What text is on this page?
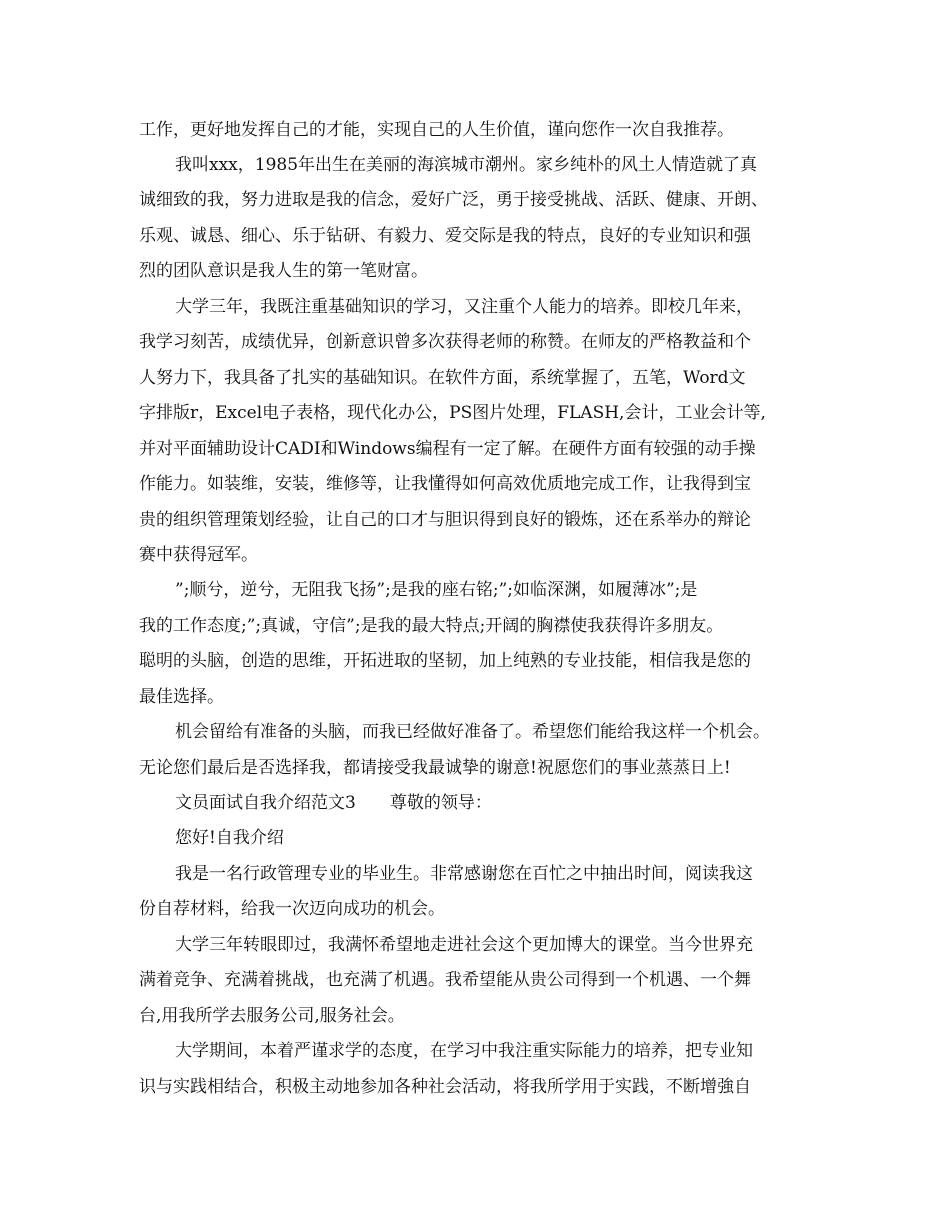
工作，更好地发挥自己的才能，实现自己的人生价值，谨向您作一次自我推荐。
我叫xxx，1985年出生在美丽的海滨城市潮州。家乡纯朴的风土人情造就了真
诚细致的我，努力进取是我的信念，爱好广泛，勇于接受挑战、活跃、健康、开朗、
乐观、诚恳、细心、乐于钻研、有毅力、爱交际是我的特点，良好的专业知识和强
烈的团队意识是我人生的第一笔财富。
大学三年，我既注重基础知识的学习，又注重个人能力的培养。即校几年来，
我学习刻苦，成绩优异，创新意识曾多次获得老师的称赞。在师友的严格教益和个
人努力下，我具备了扎实的基础知识。在软件方面，系统掌握了，五笔，Word文
字排版r，Excel电子表格，现代化办公，PS图片处理，FLASH,会计，工业会计等,
并对平面辅助设计CADI和Windows编程有一定了解。在硬件方面有较强的动手操
作能力。如装维，安装，维修等，让我懂得如何高效优质地完成工作，让我得到宝
贵的组织管理策划经验，让自己的口才与胆识得到良好的锻炼，还在系举办的辩论
赛中获得冠军。
”;顺兮，逆兮，无阻我飞扬”;是我的座右铭;”;如临深渊，如履薄冰”;是
我的工作态度;”;真诚，守信”;是我的最大特点;开阔的胸襟使我获得许多朋友。
聪明的头脑，创造的思维，开拓进取的坚韧，加上纯熟的专业技能，相信我是您的
最佳选择。
机会留给有准备的头脑，而我已经做好准备了。希望您们能给我这样一个机会。
无论您们最后是否选择我，都请接受我最诚挚的谢意!祝愿您们的事业蒸蒸日上!
文员面试自我介绍范文3　　尊敬的领导：
您好!自我介绍
我是一名行政管理专业的毕业生。非常感谢您在百忙之中抽出时间，阅读我这
份自荐材料，给我一次迈向成功的机会。
大学三年转眼即过，我满怀希望地走进社会这个更加博大的课堂。当今世界充
满着竞争、充满着挑战，也充满了机遇。我希望能从贵公司得到一个机遇、一个舞
台,用我所学去服务公司,服务社会。
大学期间，本着严谨求学的态度，在学习中我注重实际能力的培养，把专业知
识与实践相结合，积极主动地参加各种社会活动，将我所学用于实践，不断增強自
